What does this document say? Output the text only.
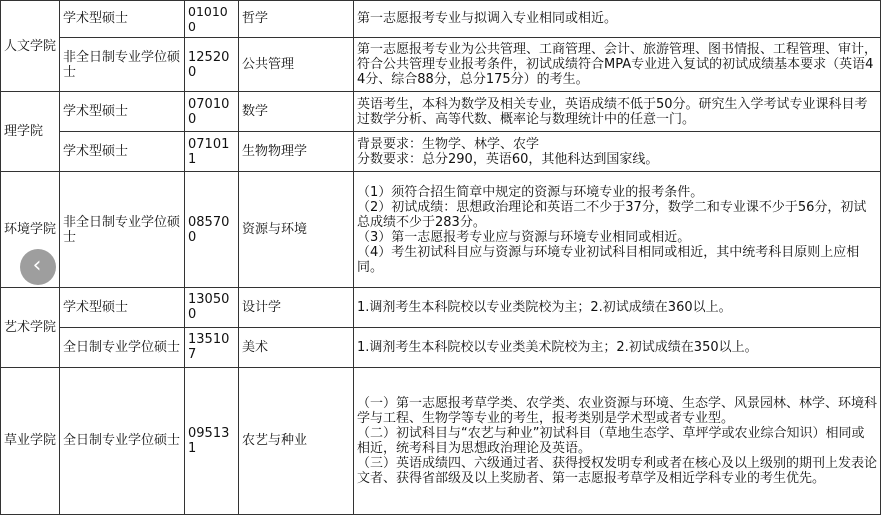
人文学院	学术型硕士	010100	哲学	第一志愿报考专业与拟调入专业相同或相近。
	非全日制专业学位硕士	125200	公共管理	第一志愿报考专业为公共管理、工商管理、会计、旅游管理、图书情报、工程管理、审计，符合公共管理专业报考条件，初试成绩符合MPA专业进入复试的初试成绩基本要求（英语44分、综合88分，总分175分）的考生。
理学院	学术型硕士	070100	数学	英语考生，本科为数学及相关专业，英语成绩不低于50分。研究生入学考试专业课科目考过数学分析、高等代数、概率论与数理统计中的任意一门。
	学术型硕士	071011	生物物理学	背景要求：生物学、林学、农学
分数要求：总分290，英语60，其他科达到国家线。

环境学院	非全日制专业学位硕士	085700	资源与环境	（1）须符合招生简章中规定的资源与环境专业的报考条件。
（2）初试成绩：思想政治理论和英语二不少于37分，数学二和专业课不少于56分，初试总成绩不少于283分。
（3）第一志愿报考专业应与资源与环境专业相同或相近。
（4）考生初试科目应与资源与环境专业初试科目相同或相近，其中统考科目原则上应相同。

艺术学院	学术型硕士	130500	设计学	1.调剂考生本科院校以专业类院校为主；2.初试成绩在360以上。
	全日制专业学位硕士	135107	美术	1.调剂考生本科院校以专业类美术院校为主；2.初试成绩在350以上。
草业学院	全日制专业学位硕士	095131	农艺与种业	（一）第一志愿报考草学类、农学类、农业资源与环境、生态学、风景园林、林学、环境科学与工程、生物学等专业的考生，报考类别是学术型或者专业型。
（二）初试科目与“农艺与种业”初试科目（草地生态学、草坪学或农业综合知识）相同或相近，统考科目为思想政治理论及英语。
（三）英语成绩四、六级通过者、获得授权发明专利或者在核心及以上级别的期刊上发表论文者、获得省部级及以上奖励者、第一志愿报考草学及相近学科专业的考生优先。
‹
